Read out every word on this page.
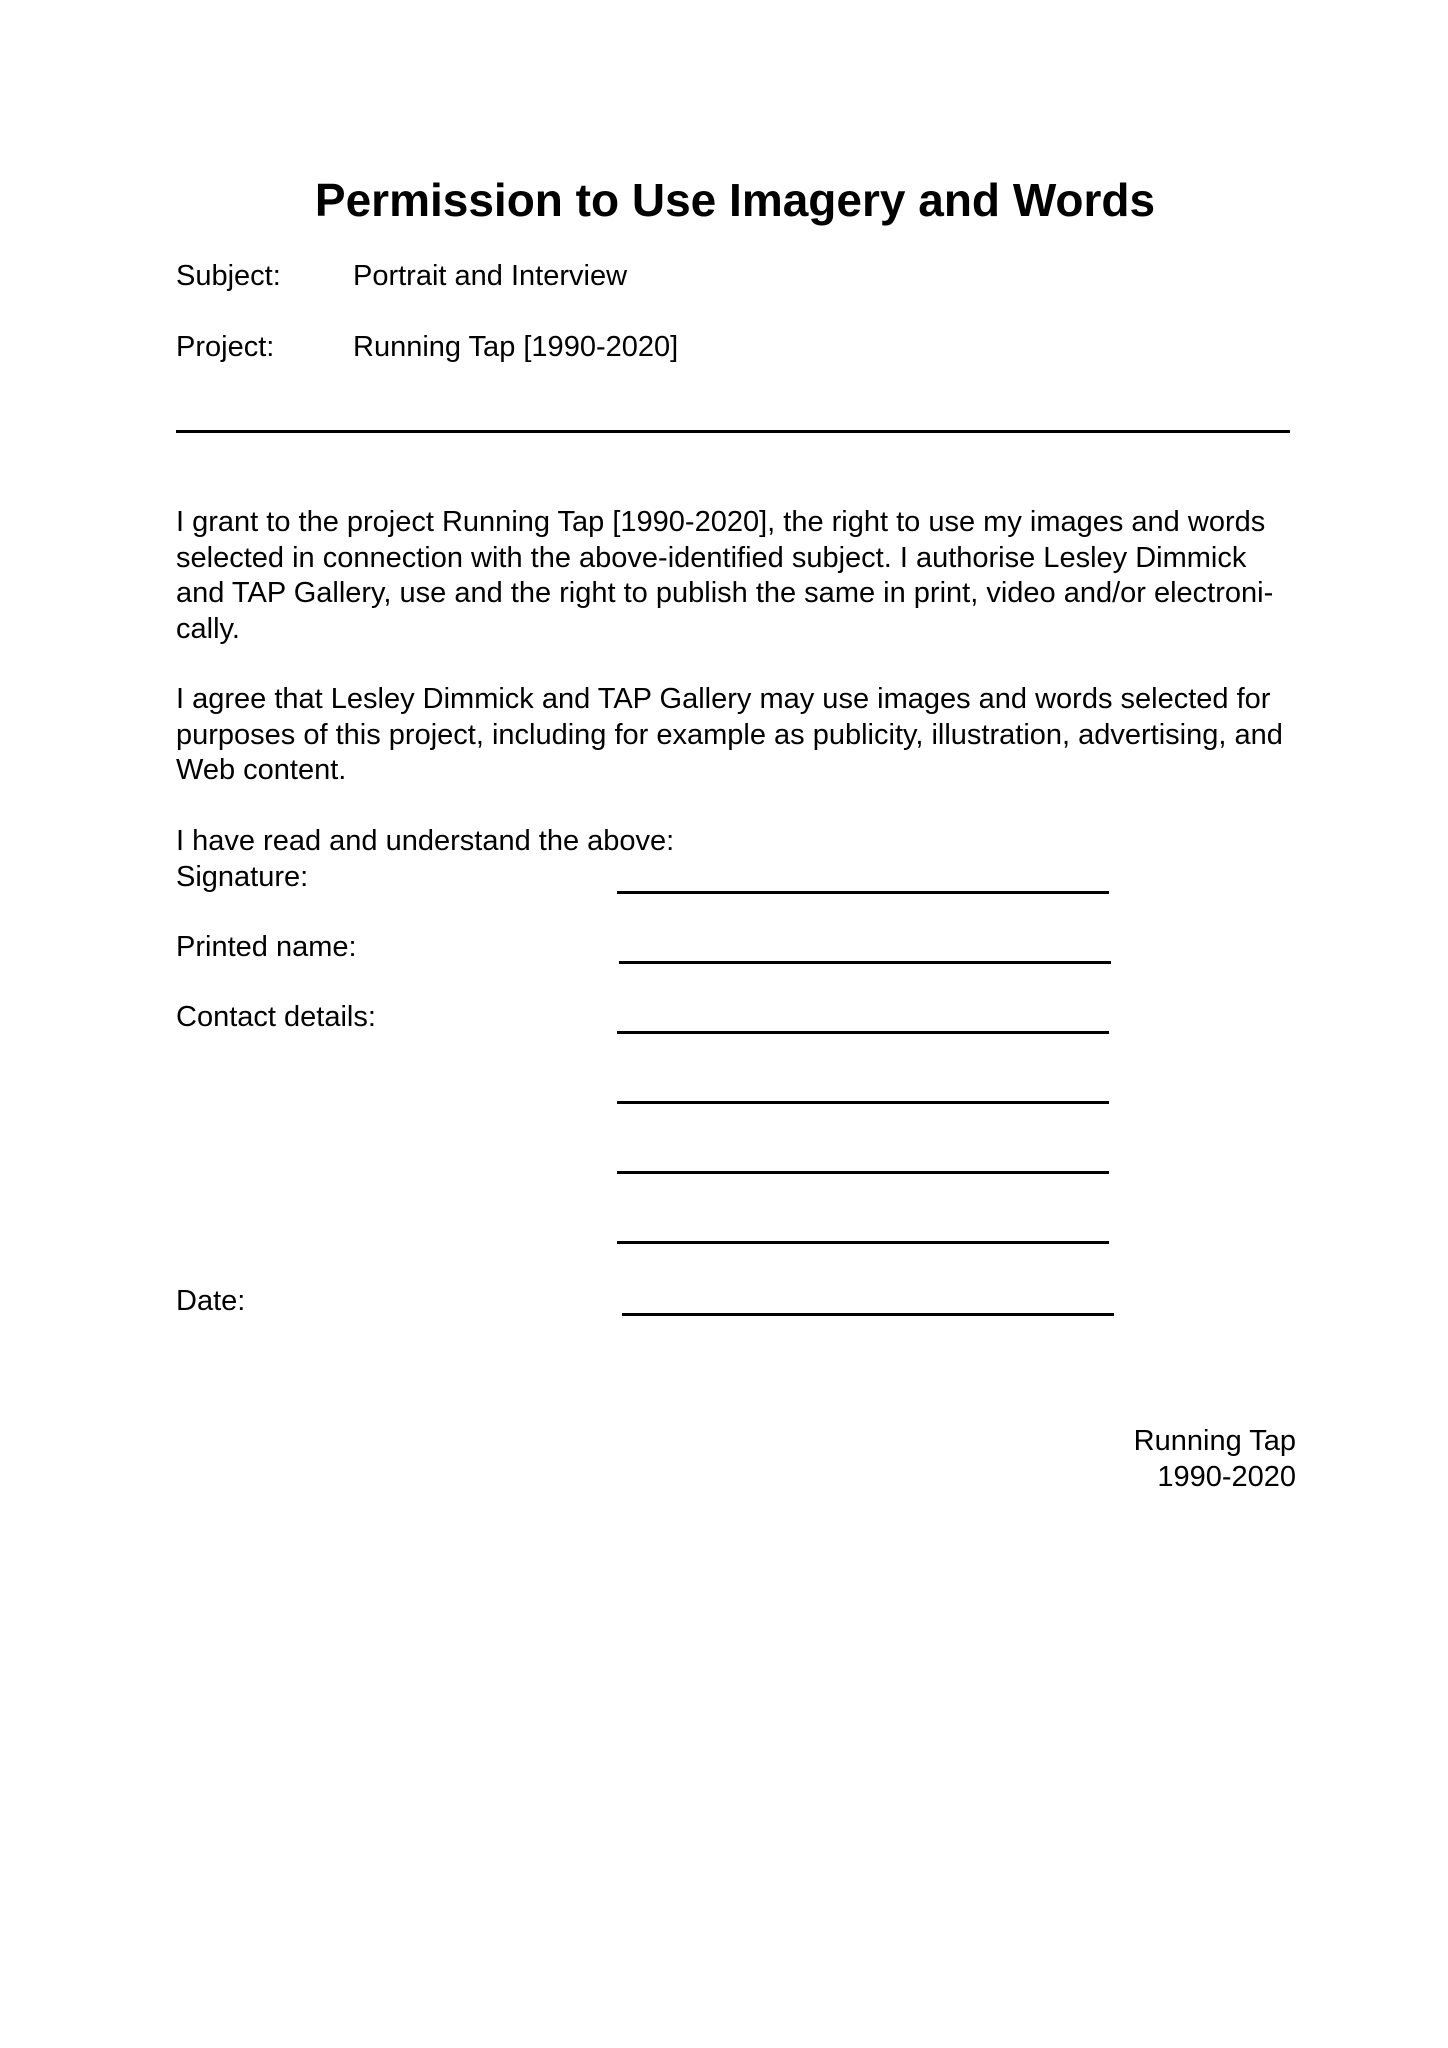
Permission to Use Imagery and Words
Subject: Portrait and Interview
Project:	Running Tap [1990-2020]

I grant to the project Running Tap [1990-2020], the right to use my images and words selected in connection with the above-identified subject. I authorise Lesley Dimmick and TAP Gallery, use and the right to publish the same in print, video and/or electroni-cally.

I agree that Lesley Dimmick and TAP Gallery may use images and words selected for purposes of this project, including for example as publicity, illustration, advertising, and Web content.

I have read and understand the above:
Signature:
Printed name:
Contact details:
Date:
Running Tap
1990-2020
